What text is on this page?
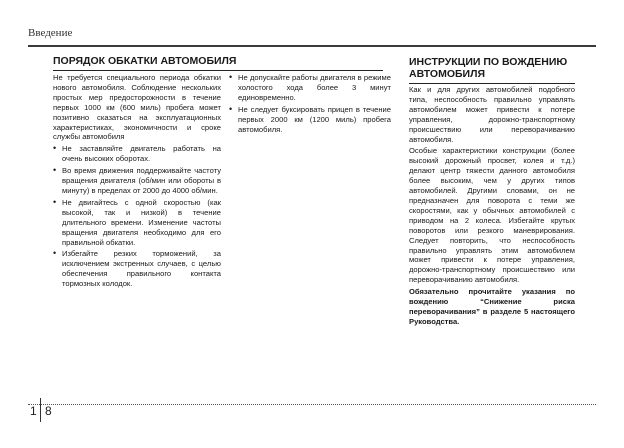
Введение
ПОРЯДОК ОБКАТКИ АВТОМОБИЛЯ

Не требуется специальногo периода обкатки нового автомобиля. Соблюдение нескольких простых мер предосторожности в течение первых 1000 км (600 миль) пробега может позитивно сказаться на эксплуатационных характеристиках, экономичности и сроке службы автомобиля

• Не заставляйте двигатель работать на очень высоких оборотах.
• Во время движения поддерживайте частоту вращения двигателя (об/мин или обороты в минуту) в пределах от 2000 до 4000 об/мин.
• Не двигайтесь с одной скоростью (как высокой, так и низкой) в течение длительного времени. Изменение частоты вращения двигателя необходимо для его правильной обкатки.
• Избегайте резких торможений, за исключением экстренных случаев, с целью обеспечения правильного контакта тормозных колодок.
• Не допускайте работы двигателя в режиме холостого хода более 3 минут единовременно.
• Не следует буксировать прицеп в течение первых 2000 км (1200 миль) пробега автомобиля.
ИНСТРУКЦИИ ПО ВОЖДЕНИЮ АВТОМОБИЛЯ

Как и для других автомобилей подобного типа, неспособность правильно управлять автомобилем может привести к потере управления, дорожно-транспортному происшествию или переворачиванию автомобиля.

Особые характеристики конструкции (более высокий дорожный просвет, колея и т.д.) делают центр тяжести данного автомобиля более высоким, чем у других типов автомобилей. Другими словами, он не предназначен для поворота с теми же скоростями, как у обычных автомобилей с приводом на 2 колеса. Избегайте крутых поворотов или резкого маневрирования. Следует повторить, что неспособность правильно управлять этим автомобилем может привести к потере управления, дорожно-транспортному происшествию или переворачиванию автомобиля.

Обязательно прочитайте указания по вождению “Снижение риска переворачивания” в разделе 5 настоящего Руководства.

1 8
